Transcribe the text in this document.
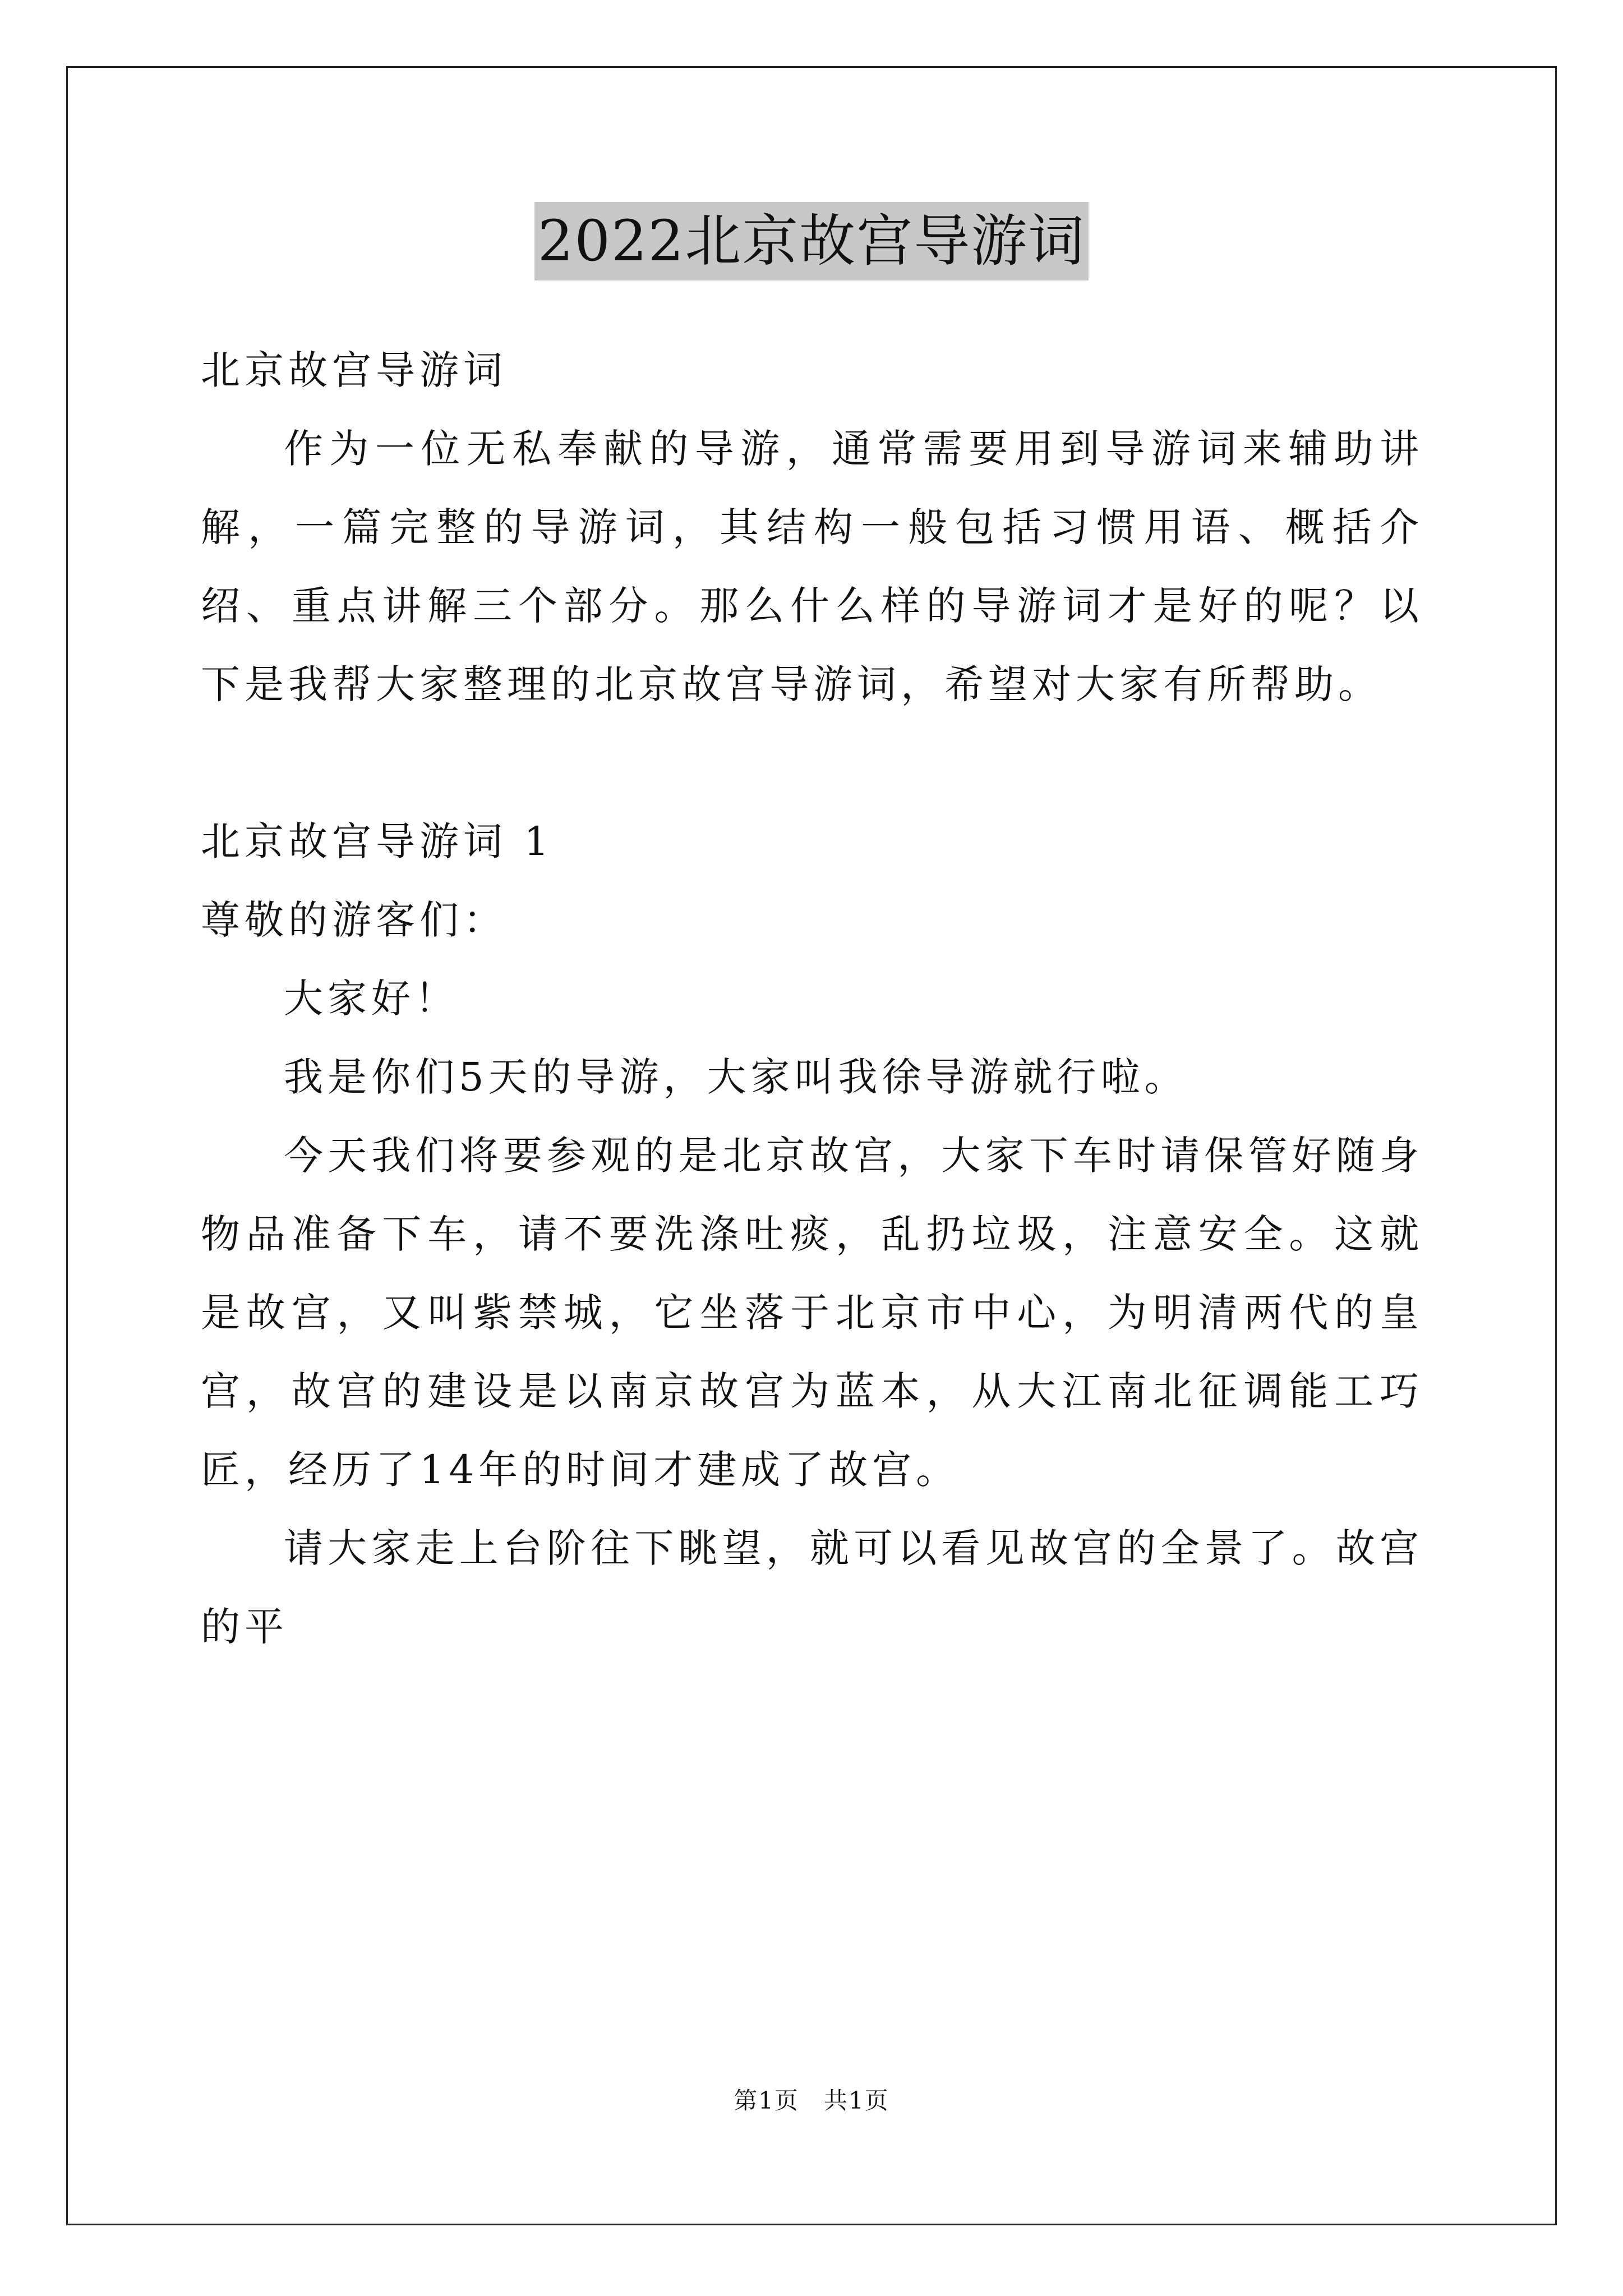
2022北京故宫导游词

北京故宫导游词

作为一位无私奉献的导游，通常需要用到导游词来辅助讲解，一篇完整的导游词，其结构一般包括习惯用语、概括介绍、重点讲解三个部分。那么什么样的导游词才是好的呢？以下是我帮大家整理的北京故宫导游词，希望对大家有所帮助。

北京故宫导游词 1

尊敬的游客们：

大家好！

我是你们5天的导游，大家叫我徐导游就行啦。

今天我们将要参观的是北京故宫，大家下车时请保管好随身物品准备下车，请不要洗涤吐痰，乱扔垃圾，注意安全。这就是故宫，又叫紫禁城，它坐落于北京市中心，为明清两代的皇宫，故宫的建设是以南京故宫为蓝本，从大江南北征调能工巧匠，经历了14年的时间才建成了故宫。

请大家走上台阶往下眺望，就可以看见故宫的全景了。故宫的平

第1页　共1页
